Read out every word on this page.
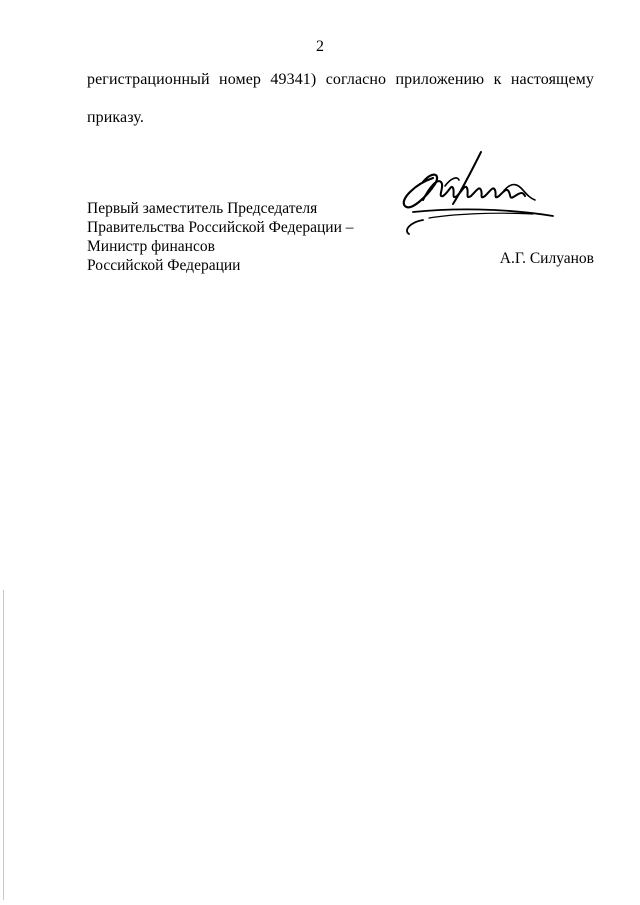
2
регистрационный номер 49341) согласно приложению к настоящему
приказу.
Первый заместитель Председателя
Правительства Российской Федерации –
Министр финансов
Российской Федерации	А.Г. Силуанов
